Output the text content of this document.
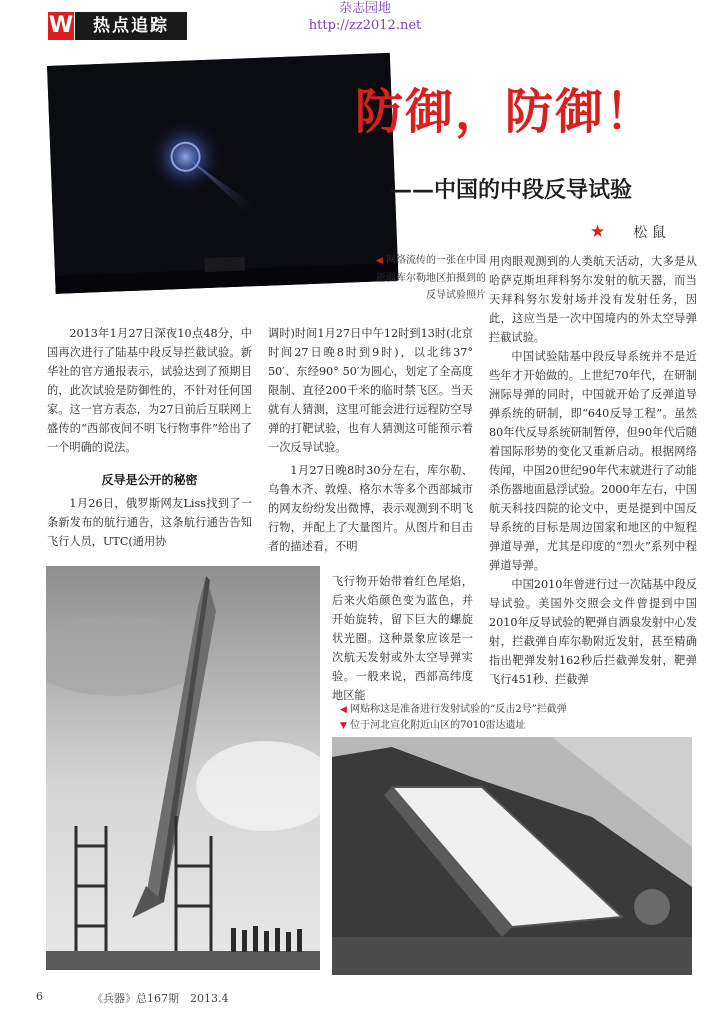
W	热点追踪
杂志园地
http://zz2012.net
防御，防御！
——中国的中段反导试验
★ 松 鼠
◀ 网络流传的一张在中国新疆库尔勒地区拍摄到的反导试验照片

2013年1月27日深夜10点48分，中国再次进行了陆基中段反导拦截试验。新华社的官方通报表示，试验达到了预期目的，此次试验是防御性的，不针对任何国家。这一官方表态，为27日前后互联网上盛传的“西部夜间不明飞行物事件”给出了一个明确的说法。

反导是公开的秘密

1月26日，俄罗斯网友Liss找到了一条新发布的航行通告，这条航行通告告知飞行人员，UTC(通用协

调时)时间1月27日中午12时到13时(北京时间27日晚8时到9时)，以北纬37° 50′、东经90° 50′为圆心，划定了全高度限制、直径200千米的临时禁飞区。当天就有人猜测，这里可能会进行远程防空导弹的打靶试验，也有人猜测这可能预示着一次反导试验。

1月27日晚8时30分左右，库尔勒、乌鲁木齐、敦煌、格尔木等多个西部城市的网友纷纷发出微博，表示观测到不明飞行物，并配上了大量图片。从图片和目击者的描述看，不明

飞行物开始带着红色尾焰，后来火焰颜色变为蓝色，并开始旋转，留下巨大的螺旋状光圈。这种景象应该是一次航天发射或外太空导弹实验。一般来说，西部高纬度地区能

用肉眼观测到的人类航天活动，大多是从哈萨克斯坦拜科努尔发射的航天器，而当天拜科努尔发射场并没有发射任务，因此，这应当是一次中国境内的外太空导弹拦截试验。

中国试验陆基中段反导系统并不是近些年才开始做的。上世纪70年代，在研制洲际导弹的同时，中国就开始了反弹道导弹系统的研制，即“640反导工程”。虽然80年代反导系统研制暂停，但90年代后随着国际形势的变化又重新启动。根据网络传闻，中国20世纪90年代末就进行了动能杀伤器地面悬浮试验。2000年左右，中国航天科技四院的论文中，更是提到中国反导系统的目标是周边国家和地区的中短程弹道导弹，尤其是印度的“烈火”系列中程弹道导弹。

中国2010年曾进行过一次陆基中段反导试验。美国外交照会文件曾提到中国2010年反导试验的靶弹自酒泉发射中心发射，拦截弹自库尔勒附近发射，甚至精确指出靶弹发射162秒后拦截弹发射，靶弹飞行451秒、拦截弹

◀ 网贴称这是准备进行发射试验的“反击2号”拦截弹
▼ 位于河北宣化附近山区的7010雷达遗址
6	《兵器》总167期　2013.4
